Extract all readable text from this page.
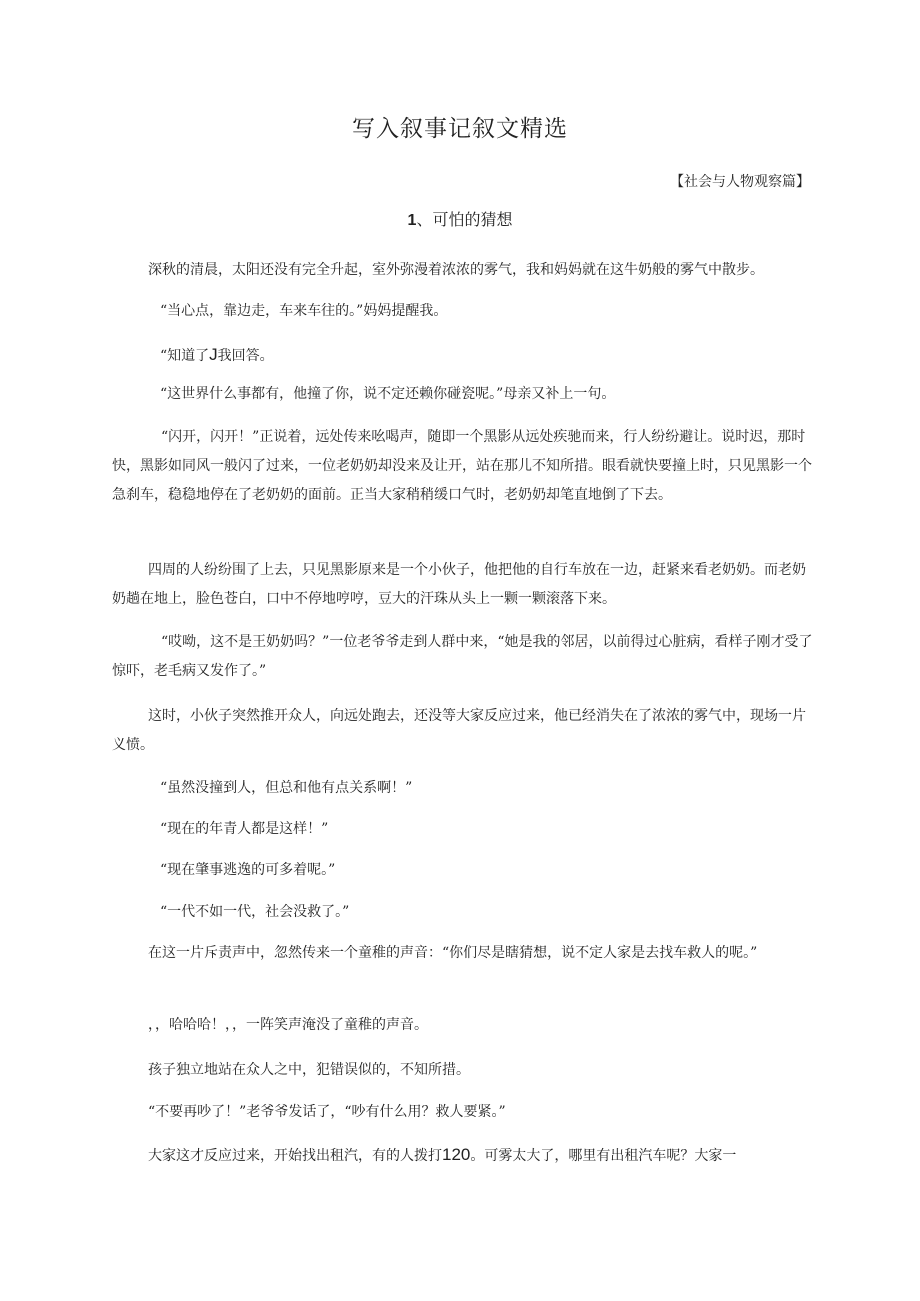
写入叙事记叙文精选
【社会与人物观察篇】
1、可怕的猜想

深秋的清晨，太阳还没有完全升起，室外弥漫着浓浓的雾气，我和妈妈就在这牛奶般的雾气中散步。

“当心点，靠边走，车来车往的。”妈妈提醒我。

“知道了J我回答。

“这世界什么事都有，他撞了你，说不定还赖你碰瓷呢。”母亲又补上一句。

“闪开，闪开！”正说着，远处传来吆喝声，随即一个黑影从远处疾驰而来，行人纷纷避让。说时迟，那时快，黑影如同风一般闪了过来，一位老奶奶却没来及让开，站在那儿不知所措。眼看就快要撞上时，只见黑影一个急刹车，稳稳地停在了老奶奶的面前。正当大家稍稍缓口气时，老奶奶却笔直地倒了下去。

四周的人纷纷围了上去，只见黑影原来是一个小伙子，他把他的自行车放在一边，赶紧来看老奶奶。而老奶奶趟在地上，脸色苍白，口中不停地哼哼，豆大的汗珠从头上一颗一颗滚落下来。

“哎呦，这不是王奶奶吗？”一位老爷爷走到人群中来，“她是我的邻居，以前得过心脏病，看样子刚才受了惊吓，老毛病又发作了。”

这时，小伙子突然推开众人，向远处跑去，还没等大家反应过来，他已经消失在了浓浓的雾气中，现场一片义愤。

“虽然没撞到人，但总和他有点关系啊！”

“现在的年青人都是这样！”

“现在肇事逃逸的可多着呢。”

“一代不如一代，社会没救了。”

在这一片斥责声中，忽然传来一个童稚的声音：“你们尽是瞎猜想，说不定人家是去找车救人的呢。”

，，哈哈哈！，，一阵笑声淹没了童稚的声音。

孩子独立地站在众人之中，犯错误似的，不知所措。

“不要再吵了！”老爷爷发话了，“吵有什么用？救人要紧。”

大家这才反应过来，开始找出租汽，有的人拨打120。可雾太大了，哪里有出租汽车呢？大家一
